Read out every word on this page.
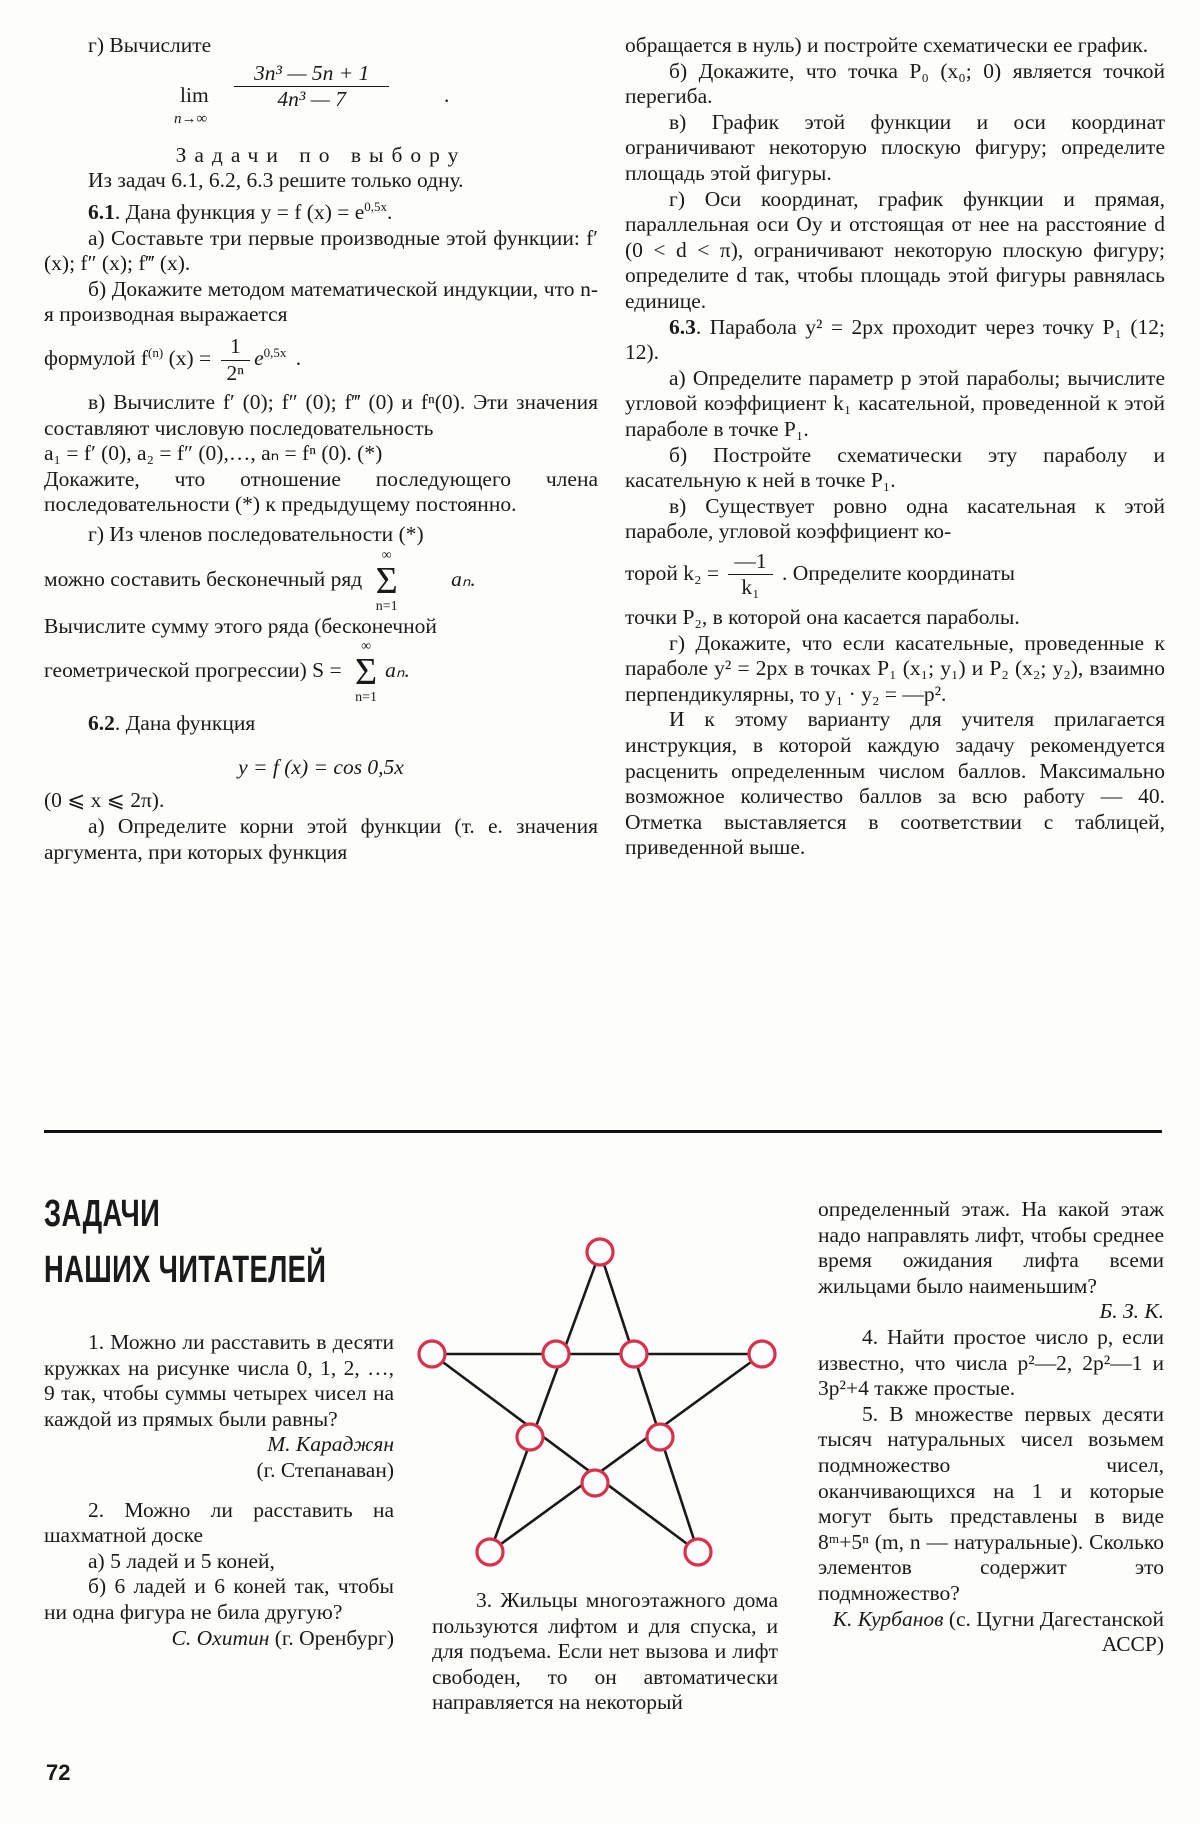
г) Вычислите

lim
n→∞
$\frac{\text{3n³ — 5n + 1}}{\text{4n³ — 7}}$	.

Задачи по выбору

Из задач 6.1, 6.2, 6.3 решите только одну.

6.1. Дана функция y = f $(x) = e^{0,5x}$.

а) Составьте три первые производные этой функции: f′ (x); f″ (x); f‴ (x).

б) Докажите методом математической индукции, что n-я производная выражается

формулой $f^{(n)}$ $(x) = \frac{1}{\text{2ⁿ}} e^{0,5x}$ .

в) Вычислите f′ (0); f″ (0); f‴ (0) и fⁿ(0). Эти значения составляют числовую последовательность

a₁ = f′ (0), a₂ = f″ (0),…, aₙ = fⁿ (0). (*)

Докажите, что отношение последующего члена последовательности (*) к предыдущему постоянно.

г) Из членов последовательности (*)

можно составить бесконечный ряд ∞
Σ
n=1 aₙ.

Вычислите сумму этого ряда (бесконечной

геометрической прогрессии) S = ∞
Σ
n=1aₙ.

6.2. Дана функция

y = f (x) = cos 0,5x

(0 ⩽ x ⩽ 2π).

а) Определите корни этой функции (т. е. значения аргумента, при которых функция

обращается в нуль) и постройте схематически ее график.

б) Докажите, что точка P₀ (x₀; 0) является точкой перегиба.

в) График этой функции и оси координат ограничивают некоторую плоскую фигуру; определите площадь этой фигуры.

г) Оси координат, график функции и прямая, параллельная оси Oy и отстоящая от нее на расстояние d (0 < d < π), ограничивают некоторую плоскую фигуру; определите d так, чтобы площадь этой фигуры равнялась единице.

6.3. Парабола y² = 2px проходит через точку P₁ (12; 12).

а) Определите параметр p этой параболы; вычислите угловой коэффициент k₁ касательной, проведенной к этой параболе в точке P₁.

б) Постройте схематически эту параболу и касательную к ней в точке P₁.

в) Существует ровно одна касательная к этой параболе, угловой коэффициент ко-

торой $k_2 = \frac{—1}{\text{k₁}}$ . Определите координаты

точки P₂, в которой она касается параболы.

г) Докажите, что если касательные, проведенные к параболе y² = 2px в точках P₁ (x₁; y₁) и P₂ (x₂; y₂), взаимно перпендикулярны, то y₁ · y₂ = —p².

И к этому варианту для учителя прилагается инструкция, в которой каждую задачу рекомендуется расценить определенным числом баллов. Максимально возможное количество баллов за всю работу — 40. Отметка выставляется в соответствии с таблицей, приведенной выше.

ЗАДАЧИ
НАШИХ ЧИТАТЕЛЕЙ

1. Можно ли расставить в десяти кружках на рисунке числа 0, 1, 2, …, 9 так, чтобы суммы четырех чисел на каждой из прямых были равны?

М. Караджян

(г. Степанаван)

2. Можно ли расставить на шахматной доске

а) 5 ладей и 5 коней,

б) 6 ладей и 6 коней так, чтобы ни одна фигура не била другую?

С. Охитин (г. Оренбург)

3. Жильцы многоэтажного дома пользуются лифтом и для спуска, и для подъема. Если нет вызова и лифт свободен, то он автоматически направляется на некоторый

определенный этаж. На какой этаж надо направлять лифт, чтобы среднее время ожидания лифта всеми жильцами было наименьшим?

Б. З. К.

4. Найти простое число p, если известно, что числа p²—2, 2p²—1 и 3p²+4 также простые.

5. В множестве первых десяти тысяч натуральных чисел возьмем подмножество чисел, оканчивающихся на 1 и которые могут быть представлены в виде 8ᵐ+5ⁿ (m, n — натуральные). Сколько элементов содержит это подмножество?

К. Курбанов (с. Цугни Дагестанской АССР)

72
